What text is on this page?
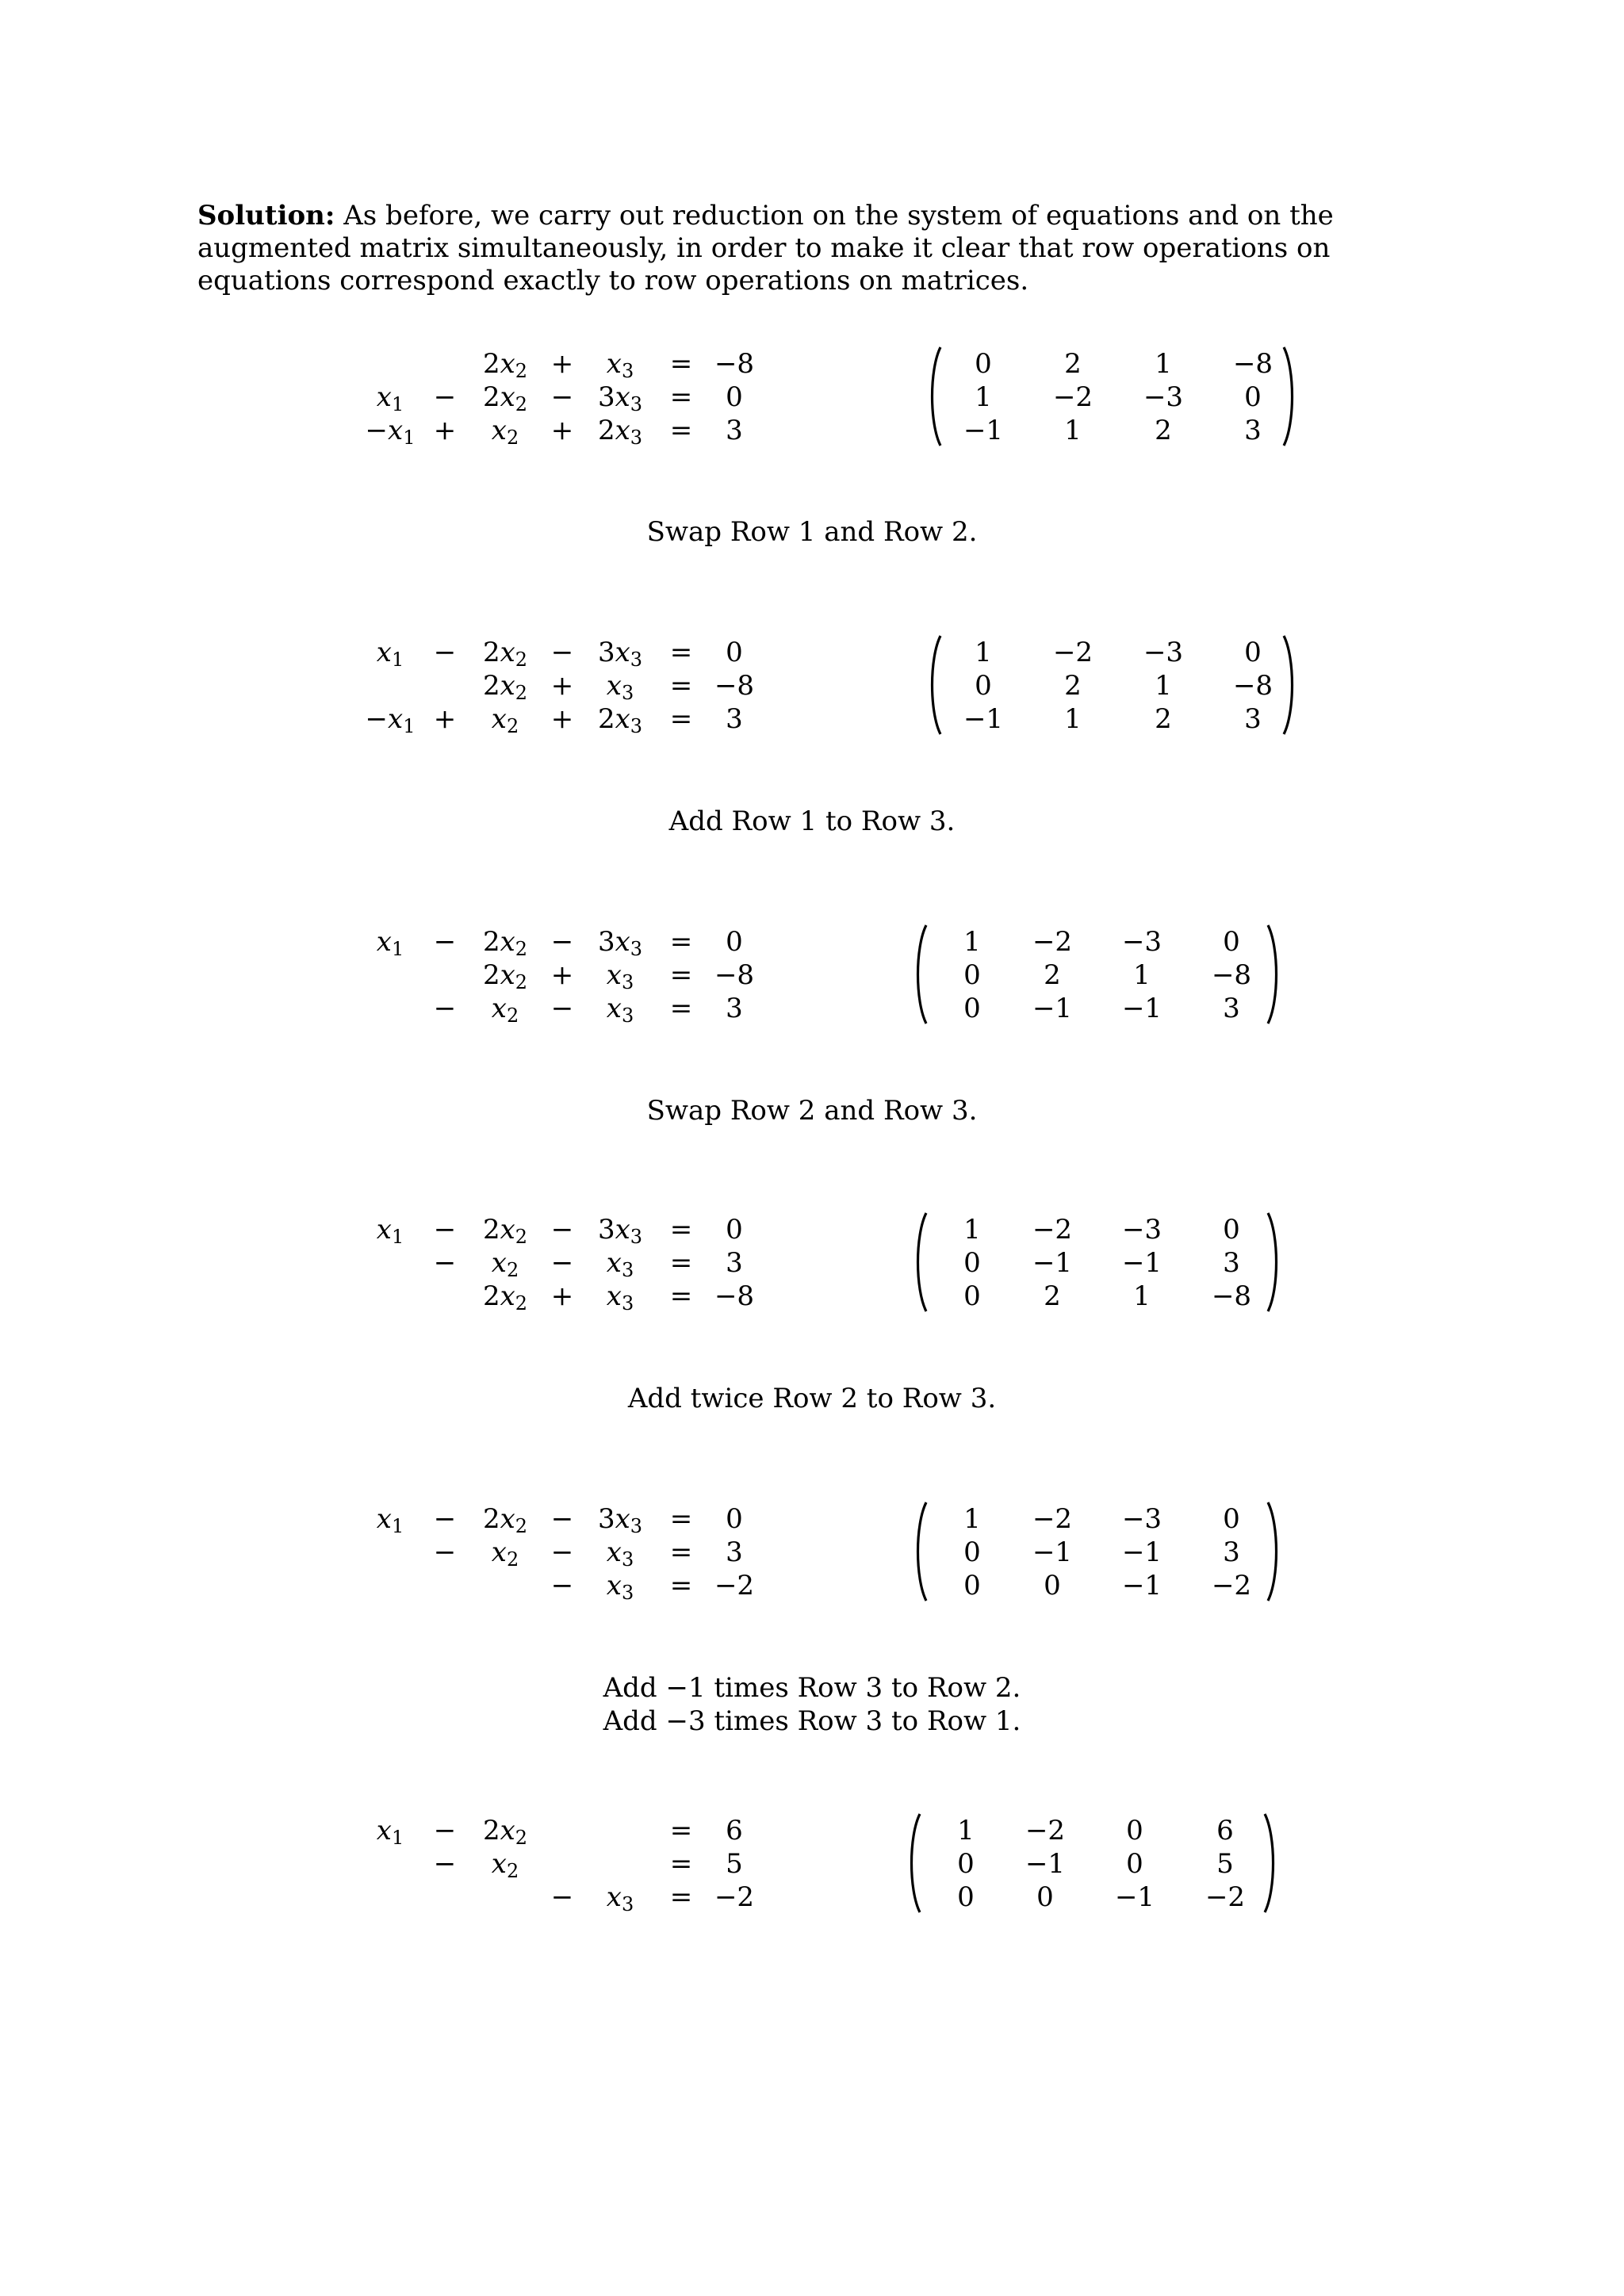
Solution: As before, we carry out reduction on the system of equations and on the augmented matrix simultaneously, in order to make it clear that row operations on equations correspond exactly to row operations on matrices.

$2x_2 + x_3 = -8$
$x_1 - 2x_2 - 3x_3 = 0$
$-x_1 + x_2 + 2x_3 = 3$
0	2	1 −8
1 −2 −3 0
−1 1	2	3
$x_1 - 2x_2 - 3x_3 = 0$
$2x_2 + x_3 = -8$
$-x_1 + x_2 + 2x_3 = 3$
1 −2 −3 0
0	2	1 −8
−1 1	2	3
$x_1 - 2x_2 - 3x_3 = 0$
$2x_2 + x_3 = -8$
− $x_2 - x_3 = 3$
1 −2 −3 0
0 2	1 −8
0 −1 −1 3
$x_1 - 2x_2 - 3x_3 = 0$
− $x_2 - x_3 = 3$
$2x_2 + x_3 = -8$
1 −2 −3 0
0 −1 −1 3
0 2	1 −8
$x_1 - 2x_2 - 3x_3 = 0$
− $x_2 - x_3 = 3$
− $x_3 = -2$
1 −2 −3 0
0 −1 −1 3
0 0 −1 −2
$x_1 - 2x_2$	= 6
− $x_2$	= 5
− $x_3 = -2$
1 −2 0	6
0 −1 0	5
0 0 −1 −2
Swap Row 1 and Row 2.
Add Row 1 to Row 3.
Swap Row 2 and Row 3.
Add twice Row 2 to Row 3.
Add −1 times Row 3 to Row 2.
Add −3 times Row 3 to Row 1.
